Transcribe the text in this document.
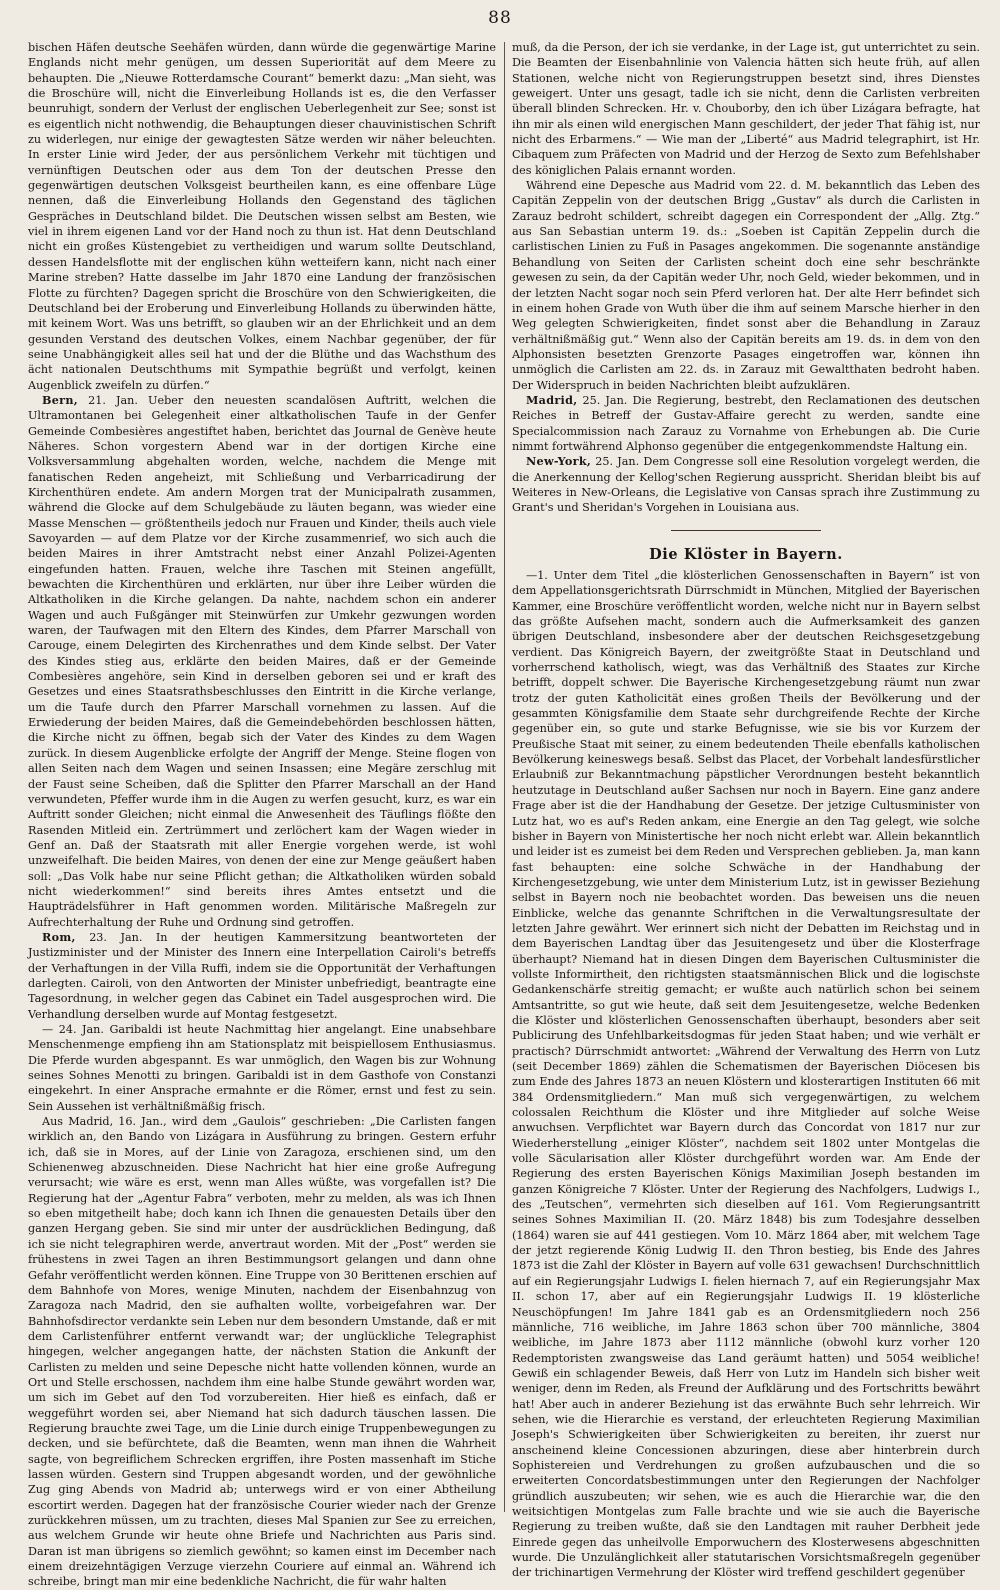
88

bischen Häfen deutsche Seehäfen würden, dann würde die gegenwärtige Marine Englands nicht mehr genügen, um dessen Superiorität auf dem Meere zu behaupten. Die „Nieuwe Rotterdamsche Courant“ bemerkt dazu: „Man sieht, was die Broschüre will, nicht die Einverleibung Hollands ist es, die den Verfasser beunruhigt, sondern der Verlust der englischen Ueberlegenheit zur See; sonst ist es eigentlich nicht nothwendig, die Behauptungen dieser chauvinistischen Schrift zu widerlegen, nur einige der gewagtesten Sätze werden wir näher beleuchten. In erster Linie wird Jeder, der aus persönlichem Verkehr mit tüchtigen und vernünftigen Deutschen oder aus dem Ton der deutschen Presse den gegenwärtigen deutschen Volksgeist beurtheilen kann, es eine offenbare Lüge nennen, daß die Einverleibung Hollands den Gegenstand des täglichen Gespräches in Deutschland bildet. Die Deutschen wissen selbst am Besten, wie viel in ihrem eigenen Land vor der Hand noch zu thun ist. Hat denn Deutschland nicht ein großes Küstengebiet zu vertheidigen und warum sollte Deutschland, dessen Handelsflotte mit der englischen kühn wetteifern kann, nicht nach einer Marine streben? Hatte dasselbe im Jahr 1870 eine Landung der französischen Flotte zu fürchten? Dagegen spricht die Broschüre von den Schwierigkeiten, die Deutschland bei der Eroberung und Einverleibung Hollands zu überwinden hätte, mit keinem Wort. Was uns betrifft, so glauben wir an der Ehrlichkeit und an dem gesunden Verstand des deutschen Volkes, einem Nachbar gegenüber, der für seine Unabhängigkeit alles seil hat und der die Blüthe und das Wachsthum des ächt nationalen Deutschthums mit Sympathie begrüßt und verfolgt, keinen Augenblick zweifeln zu dürfen.“

Bern, 21. Jan. Ueber den neuesten scandalösen Auftritt, welchen die Ultramontanen bei Gelegenheit einer altkatholischen Taufe in der Genfer Gemeinde Combesières angestiftet haben, berichtet das Journal de Genève heute Näheres. Schon vorgestern Abend war in der dortigen Kirche eine Volksversammlung abgehalten worden, welche, nachdem die Menge mit fanatischen Reden angeheizt, mit Schließung und Verbarricadirung der Kirchenthüren endete. Am andern Morgen trat der Municipalrath zusammen, während die Glocke auf dem Schulgebäude zu läuten begann, was wieder eine Masse Menschen — größtentheils jedoch nur Frauen und Kinder, theils auch viele Savoyarden — auf dem Platze vor der Kirche zusammenrief, wo sich auch die beiden Maires in ihrer Amtstracht nebst einer Anzahl Polizei-Agenten eingefunden hatten. Frauen, welche ihre Taschen mit Steinen angefüllt, bewachten die Kirchenthüren und erklärten, nur über ihre Leiber würden die Altkatholiken in die Kirche gelangen. Da nahte, nachdem schon ein anderer Wagen und auch Fußgänger mit Steinwürfen zur Umkehr gezwungen worden waren, der Taufwagen mit den Eltern des Kindes, dem Pfarrer Marschall von Carouge, einem Delegirten des Kirchenrathes und dem Kinde selbst. Der Vater des Kindes stieg aus, erklärte den beiden Maires, daß er der Gemeinde Combesières angehöre, sein Kind in derselben geboren sei und er kraft des Gesetzes und eines Staatsrathsbeschlusses den Eintritt in die Kirche verlange, um die Taufe durch den Pfarrer Marschall vornehmen zu lassen. Auf die Erwiederung der beiden Maires, daß die Gemeindebehörden beschlossen hätten, die Kirche nicht zu öffnen, begab sich der Vater des Kindes zu dem Wagen zurück. In diesem Augenblicke erfolgte der Angriff der Menge. Steine flogen von allen Seiten nach dem Wagen und seinen Insassen; eine Megäre zerschlug mit der Faust seine Scheiben, daß die Splitter den Pfarrer Marschall an der Hand verwundeten, Pfeffer wurde ihm in die Augen zu werfen gesucht, kurz, es war ein Auftritt sonder Gleichen; nicht einmal die Anwesenheit des Täuflings flößte den Rasenden Mitleid ein. Zertrümmert und zerlöchert kam der Wagen wieder in Genf an. Daß der Staatsrath mit aller Energie vorgehen werde, ist wohl unzweifelhaft. Die beiden Maires, von denen der eine zur Menge geäußert haben soll: „Das Volk habe nur seine Pflicht gethan; die Altkatholiken würden sobald nicht wiederkommen!“ sind bereits ihres Amtes entsetzt und die Haupträdelsführer in Haft genommen worden. Militärische Maßregeln zur Aufrechterhaltung der Ruhe und Ordnung sind getroffen.

Rom, 23. Jan. In der heutigen Kammersitzung beantworteten der Justizminister und der Minister des Innern eine Interpellation Cairoli's betreffs der Verhaftungen in der Villa Ruffi, indem sie die Opportunität der Verhaftungen darlegten. Cairoli, von den Antworten der Minister unbefriedigt, beantragte eine Tagesordnung, in welcher gegen das Cabinet ein Tadel ausgesprochen wird. Die Verhandlung derselben wurde auf Montag festgesetzt.

— 24. Jan. Garibaldi ist heute Nachmittag hier angelangt. Eine unabsehbare Menschenmenge empfieng ihn am Stationsplatz mit beispiellosem Enthusiasmus. Die Pferde wurden abgespannt. Es war unmöglich, den Wagen bis zur Wohnung seines Sohnes Menotti zu bringen. Garibaldi ist in dem Gasthofe von Constanzi eingekehrt. In einer Ansprache ermahnte er die Römer, ernst und fest zu sein. Sein Aussehen ist verhältnißmäßig frisch.

Aus Madrid, 16. Jan., wird dem „Gaulois“ geschrieben: „Die Carlisten fangen wirklich an, den Bando von Lizágara in Ausführung zu bringen. Gestern erfuhr ich, daß sie in Mores, auf der Linie von Zaragoza, erschienen sind, um den Schienenweg abzuschneiden. Diese Nachricht hat hier eine große Aufregung verursacht; wie wäre es erst, wenn man Alles wüßte, was vorgefallen ist? Die Regierung hat der „Agentur Fabra“ verboten, mehr zu melden, als was ich Ihnen so eben mitgetheilt habe; doch kann ich Ihnen die genauesten Details über den ganzen Hergang geben. Sie sind mir unter der ausdrücklichen Bedingung, daß ich sie nicht telegraphiren werde, anvertraut worden. Mit der „Post“ werden sie frühestens in zwei Tagen an ihren Bestimmungsort gelangen und dann ohne Gefahr veröffentlicht werden können. Eine Truppe von 30 Berittenen erschien auf dem Bahnhofe von Mores, wenige Minuten, nachdem der Eisenbahnzug von Zaragoza nach Madrid, den sie aufhalten wollte, vorbeigefahren war. Der Bahnhofsdirector verdankte sein Leben nur dem besondern Umstande, daß er mit dem Carlistenführer entfernt verwandt war; der unglückliche Telegraphist hingegen, welcher angegangen hatte, der nächsten Station die Ankunft der Carlisten zu melden und seine Depesche nicht hatte vollenden können, wurde an Ort und Stelle erschossen, nachdem ihm eine halbe Stunde gewährt worden war, um sich im Gebet auf den Tod vorzubereiten. Hier hieß es einfach, daß er weggeführt worden sei, aber Niemand hat sich dadurch täuschen lassen. Die Regierung brauchte zwei Tage, um die Linie durch einige Truppenbewegungen zu decken, und sie befürchtete, daß die Beamten, wenn man ihnen die Wahrheit sagte, von begreiflichem Schrecken ergriffen, ihre Posten massenhaft im Stiche lassen würden. Gestern sind Truppen abgesandt worden, und der gewöhnliche Zug ging Abends von Madrid ab; unterwegs wird er von einer Abtheilung escortirt werden. Dagegen hat der französische Courier wieder nach der Grenze zurückkehren müssen, um zu trachten, dieses Mal Spanien zur See zu erreichen, aus welchem Grunde wir heute ohne Briefe und Nachrichten aus Paris sind. Daran ist man übrigens so ziemlich gewöhnt; so kamen einst im December nach einem dreizehntägigen Verzuge vierzehn Couriere auf einmal an. Während ich schreibe, bringt man mir eine bedenkliche Nachricht, die für wahr halten

muß, da die Person, der ich sie verdanke, in der Lage ist, gut unterrichtet zu sein. Die Beamten der Eisenbahnlinie von Valencia hätten sich heute früh, auf allen Stationen, welche nicht von Regierungstruppen besetzt sind, ihres Dienstes geweigert. Unter uns gesagt, tadle ich sie nicht, denn die Carlisten verbreiten überall blinden Schrecken. Hr. v. Chouborby, den ich über Lizágara befragte, hat ihn mir als einen wild energischen Mann geschildert, der jeder That fähig ist, nur nicht des Erbarmens.“ — Wie man der „Liberté“ aus Madrid telegraphirt, ist Hr. Cibaquem zum Präfecten von Madrid und der Herzog de Sexto zum Befehlshaber des königlichen Palais ernannt worden.

Während eine Depesche aus Madrid vom 22. d. M. bekanntlich das Leben des Capitän Zeppelin von der deutschen Brigg „Gustav“ als durch die Carlisten in Zarauz bedroht schildert, schreibt dagegen ein Correspondent der „Allg. Ztg.“ aus San Sebastian unterm 19. ds.: „Soeben ist Capitän Zeppelin durch die carlistischen Linien zu Fuß in Pasages angekommen. Die sogenannte anständige Behandlung von Seiten der Carlisten scheint doch eine sehr beschränkte gewesen zu sein, da der Capitän weder Uhr, noch Geld, wieder bekommen, und in der letzten Nacht sogar noch sein Pferd verloren hat. Der alte Herr befindet sich in einem hohen Grade von Wuth über die ihm auf seinem Marsche hierher in den Weg gelegten Schwierigkeiten, findet sonst aber die Behandlung in Zarauz verhältnißmäßig gut.“ Wenn also der Capitän bereits am 19. ds. in dem von den Alphonsisten besetzten Grenzorte Pasages eingetroffen war, können ihn unmöglich die Carlisten am 22. ds. in Zarauz mit Gewaltthaten bedroht haben. Der Widerspruch in beiden Nachrichten bleibt aufzuklären.

Madrid, 25. Jan. Die Regierung, bestrebt, den Reclamationen des deutschen Reiches in Betreff der Gustav-Affaire gerecht zu werden, sandte eine Specialcommission nach Zarauz zu Vornahme von Erhebungen ab. Die Curie nimmt fortwährend Alphonso gegenüber die entgegenkommendste Haltung ein.

New-York, 25. Jan. Dem Congresse soll eine Resolution vorgelegt werden, die die Anerkennung der Kellog'schen Regierung ausspricht. Sheridan bleibt bis auf Weiteres in New-Orleans, die Legislative von Cansas sprach ihre Zustimmung zu Grant's und Sheridan's Vorgehen in Louisiana aus.

Die Klöster in Bayern.

—1. Unter dem Titel „die klösterlichen Genossenschaften in Bayern“ ist von dem Appellationsgerichtsrath Dürrschmidt in München, Mitglied der Bayerischen Kammer, eine Broschüre veröffentlicht worden, welche nicht nur in Bayern selbst das größte Aufsehen macht, sondern auch die Aufmerksamkeit des ganzen übrigen Deutschland, insbesondere aber der deutschen Reichsgesetzgebung verdient. Das Königreich Bayern, der zweitgrößte Staat in Deutschland und vorherrschend katholisch, wiegt, was das Verhältniß des Staates zur Kirche betrifft, doppelt schwer. Die Bayerische Kirchengesetzgebung räumt nun zwar trotz der guten Katholicität eines großen Theils der Bevölkerung und der gesammten Königsfamilie dem Staate sehr durchgreifende Rechte der Kirche gegenüber ein, so gute und starke Befugnisse, wie sie bis vor Kurzem der Preußische Staat mit seiner, zu einem bedeutenden Theile ebenfalls katholischen Bevölkerung keineswegs besaß. Selbst das Placet, der Vorbehalt landesfürstlicher Erlaubniß zur Bekanntmachung päpstlicher Verordnungen besteht bekanntlich heutzutage in Deutschland außer Sachsen nur noch in Bayern. Eine ganz andere Frage aber ist die der Handhabung der Gesetze. Der jetzige Cultusminister von Lutz hat, wo es auf's Reden ankam, eine Energie an den Tag gelegt, wie solche bisher in Bayern von Ministertische her noch nicht erlebt war. Allein bekanntlich und leider ist es zumeist bei dem Reden und Versprechen geblieben. Ja, man kann fast behaupten: eine solche Schwäche in der Handhabung der Kirchengesetzgebung, wie unter dem Ministerium Lutz, ist in gewisser Beziehung selbst in Bayern noch nie beobachtet worden. Das beweisen uns die neuen Einblicke, welche das genannte Schriftchen in die Verwaltungsresultate der letzten Jahre gewährt. Wer erinnert sich nicht der Debatten im Reichstag und in dem Bayerischen Landtag über das Jesuitengesetz und über die Klosterfrage überhaupt? Niemand hat in diesen Dingen dem Bayerischen Cultusminister die vollste Informirtheit, den richtigsten staatsmännischen Blick und die logischste Gedankenschärfe streitig gemacht; er wußte auch natürlich schon bei seinem Amtsantritte, so gut wie heute, daß seit dem Jesuitengesetze, welche Bedenken die Klöster und klösterlichen Genossenschaften überhaupt, besonders aber seit Publicirung des Unfehlbarkeitsdogmas für jeden Staat haben; und wie verhält er practisch? Dürrschmidt antwortet: „Während der Verwaltung des Herrn von Lutz (seit December 1869) zählen die Schematismen der Bayerischen Diöcesen bis zum Ende des Jahres 1873 an neuen Klöstern und klosterartigen Instituten 66 mit 384 Ordensmitgliedern.“ Man muß sich vergegenwärtigen, zu welchem colossalen Reichthum die Klöster und ihre Mitglieder auf solche Weise anwuchsen. Verpflichtet war Bayern durch das Concordat von 1817 nur zur Wiederherstellung „einiger Klöster“, nachdem seit 1802 unter Montgelas die volle Säcularisation aller Klöster durchgeführt worden war. Am Ende der Regierung des ersten Bayerischen Königs Maximilian Joseph bestanden im ganzen Königreiche 7 Klöster. Unter der Regierung des Nachfolgers, Ludwigs I., des „Teutschen“, vermehrten sich dieselben auf 161. Vom Regierungsantritt seines Sohnes Maximilian II. (20. März 1848) bis zum Todesjahre desselben (1864) waren sie auf 441 gestiegen. Vom 10. März 1864 aber, mit welchem Tage der jetzt regierende König Ludwig II. den Thron bestieg, bis Ende des Jahres 1873 ist die Zahl der Klöster in Bayern auf volle 631 gewachsen! Durchschnittlich auf ein Regierungsjahr Ludwigs I. fielen hiernach 7, auf ein Regierungsjahr Max II. schon 17, aber auf ein Regierungsjahr Ludwigs II. 19 klösterliche Neuschöpfungen! Im Jahre 1841 gab es an Ordensmitgliedern noch 256 männliche, 716 weibliche, im Jahre 1863 schon über 700 männliche, 3804 weibliche, im Jahre 1873 aber 1112 männliche (obwohl kurz vorher 120 Redemptoristen zwangsweise das Land geräumt hatten) und 5054 weibliche! Gewiß ein schlagender Beweis, daß Herr von Lutz im Handeln sich bisher weit weniger, denn im Reden, als Freund der Aufklärung und des Fortschritts bewährt hat! Aber auch in anderer Beziehung ist das erwähnte Buch sehr lehrreich. Wir sehen, wie die Hierarchie es verstand, der erleuchteten Regierung Maximilian Joseph's Schwierigkeiten über Schwierigkeiten zu bereiten, ihr zuerst nur anscheinend kleine Concessionen abzuringen, diese aber hinterbrein durch Sophistereien und Verdrehungen zu großen aufzubauschen und die so erweiterten Concordatsbestimmungen unter den Regierungen der Nachfolger gründlich auszubeuten; wir sehen, wie es auch die Hierarchie war, die den weitsichtigen Montgelas zum Falle brachte und wie sie auch die Bayerische Regierung zu treiben wußte, daß sie den Landtagen mit rauher Derbheit jede Einrede gegen das unheilvolle Emporwuchern des Klosterwesens abgeschnitten wurde. Die Unzulänglichkeit aller statutarischen Vorsichtsmaßregeln gegenüber der trichinartigen Vermehrung der Klöster wird treffend geschildert gegenüber
